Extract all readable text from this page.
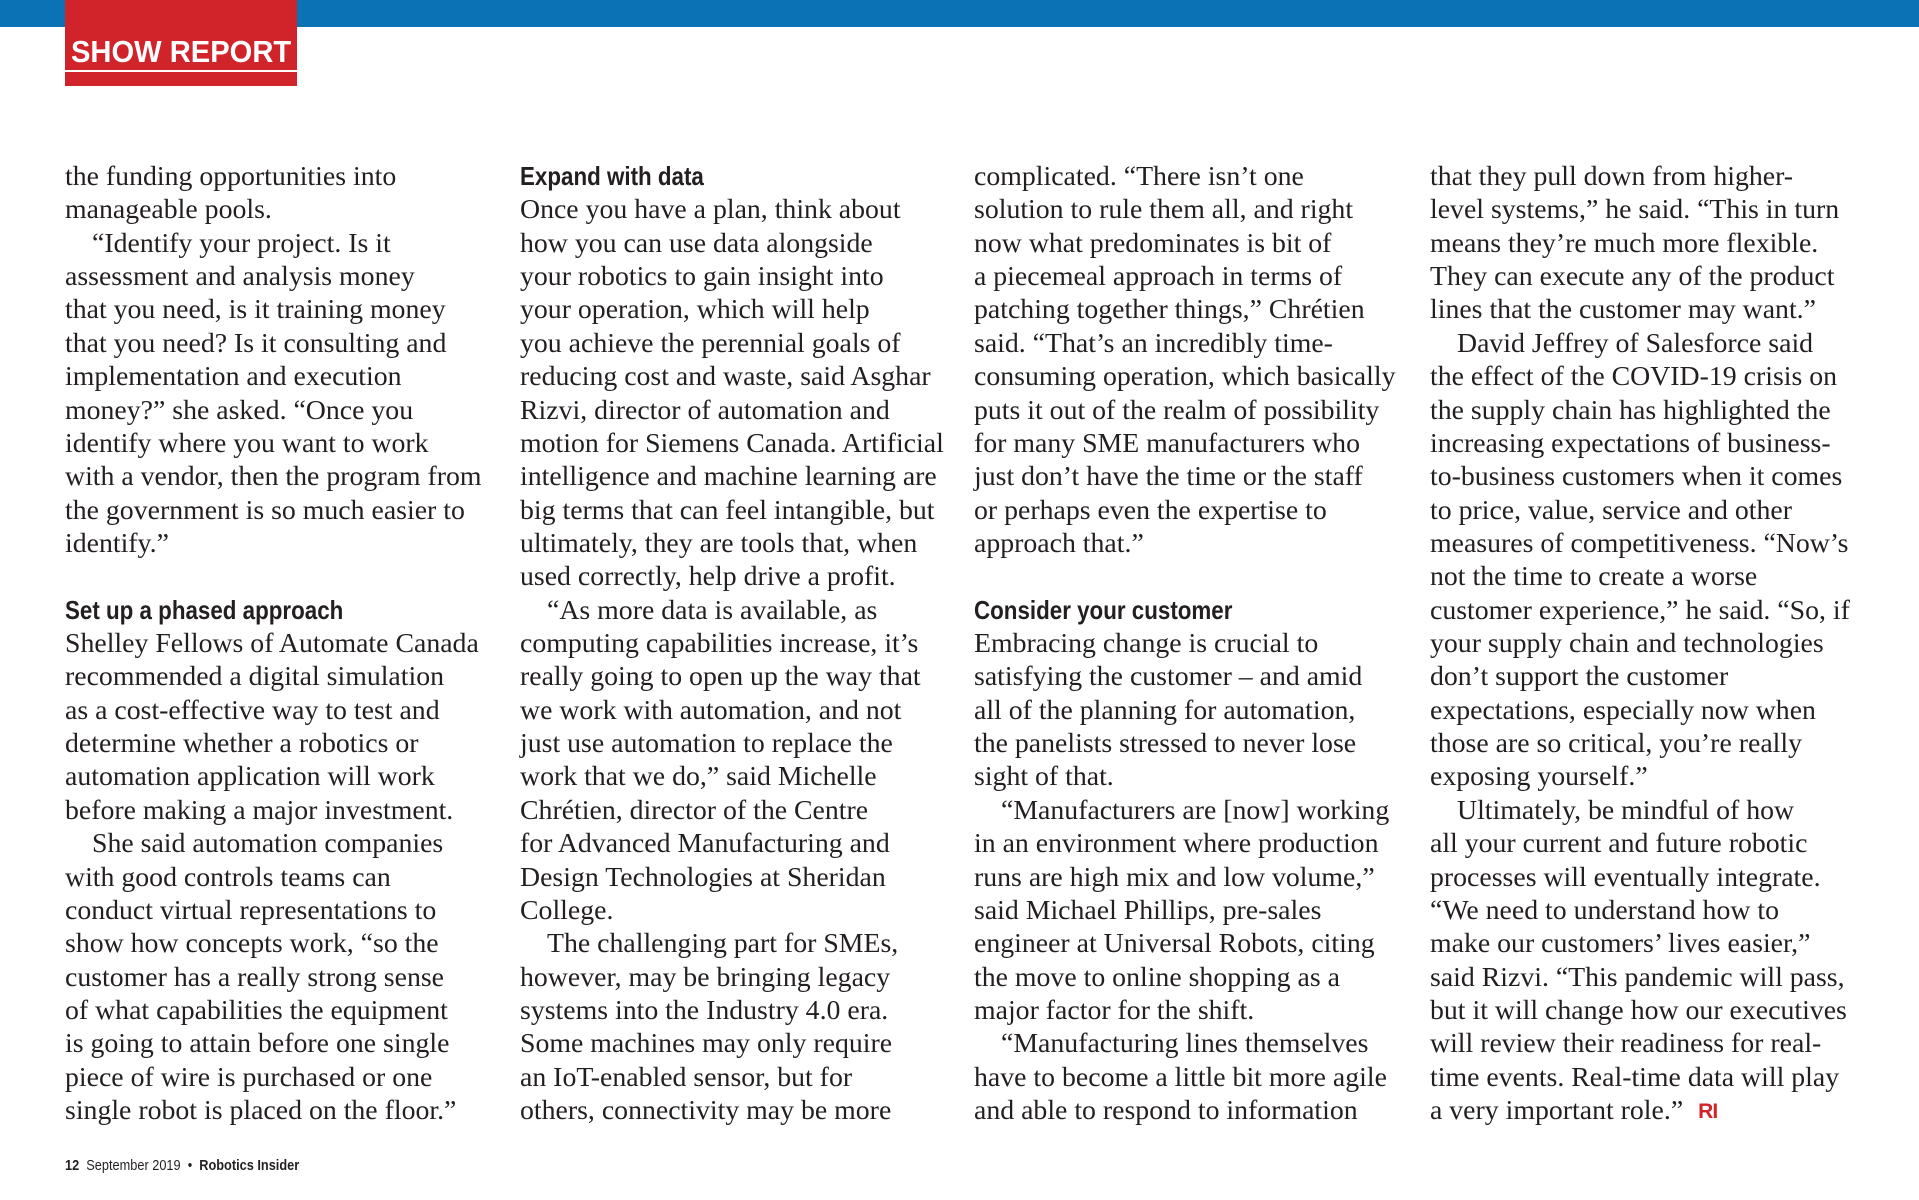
SHOW REPORT
the funding opportunities into
manageable pools.
“Identify your project. Is it
assessment and analysis money
that you need, is it training money
that you need? Is it consulting and
implementation and execution
money?” she asked. “Once you
identify where you want to work
with a vendor, then the program from
the government is so much easier to
identify.”
Set up a phased approach
Shelley Fellows of Automate Canada
recommended a digital simulation
as a cost-effective way to test and
determine whether a robotics or
automation application will work
before making a major investment.
She said automation companies
with good controls teams can
conduct virtual representations to
show how concepts work, “so the
customer has a really strong sense
of what capabilities the equipment
is going to attain before one single
piece of wire is purchased or one
single robot is placed on the floor.”
Expand with data
Once you have a plan, think about
how you can use data alongside
your robotics to gain insight into
your operation, which will help
you achieve the perennial goals of
reducing cost and waste, said Asghar
Rizvi, director of automation and
motion for Siemens Canada. Artificial
intelligence and machine learning are
big terms that can feel intangible, but
ultimately, they are tools that, when
used correctly, help drive a profit.
“As more data is available, as
computing capabilities increase, it’s
really going to open up the way that
we work with automation, and not
just use automation to replace the
work that we do,” said Michelle
Chrétien, director of the Centre
for Advanced Manufacturing and
Design Technologies at Sheridan
College.
The challenging part for SMEs,
however, may be bringing legacy
systems into the Industry 4.0 era.
Some machines may only require
an IoT-enabled sensor, but for
others, connectivity may be more
complicated. “There isn’t one
solution to rule them all, and right
now what predominates is bit of
a piecemeal approach in terms of
patching together things,” Chrétien
said. “That’s an incredibly time-
consuming operation, which basically
puts it out of the realm of possibility
for many SME manufacturers who
just don’t have the time or the staff
or perhaps even the expertise to
approach that.”
Consider your customer
Embracing change is crucial to
satisfying the customer – and amid
all of the planning for automation,
the panelists stressed to never lose
sight of that.
“Manufacturers are [now] working
in an environment where production
runs are high mix and low volume,”
said Michael Phillips, pre-sales
engineer at Universal Robots, citing
the move to online shopping as a
major factor for the shift.
“Manufacturing lines themselves
have to become a little bit more agile
and able to respond to information
that they pull down from higher-
level systems,” he said. “This in turn
means they’re much more flexible.
They can execute any of the product
lines that the customer may want.”
David Jeffrey of Salesforce said
the effect of the COVID-19 crisis on
the supply chain has highlighted the
increasing expectations of business-
to-business customers when it comes
to price, value, service and other
measures of competitiveness. “Now’s
not the time to create a worse
customer experience,” he said. “So, if
your supply chain and technologies
don’t support the customer
expectations, especially now when
those are so critical, you’re really
exposing yourself.”
Ultimately, be mindful of how
all your current and future robotic
processes will eventually integrate.
“We need to understand how to
make our customers’ lives easier,”
said Rizvi. “This pandemic will pass,
but it will change how our executives
will review their readiness for real-
time events. Real-time data will play
a very important role.” RI
12 September 2019 • Robotics Insider
